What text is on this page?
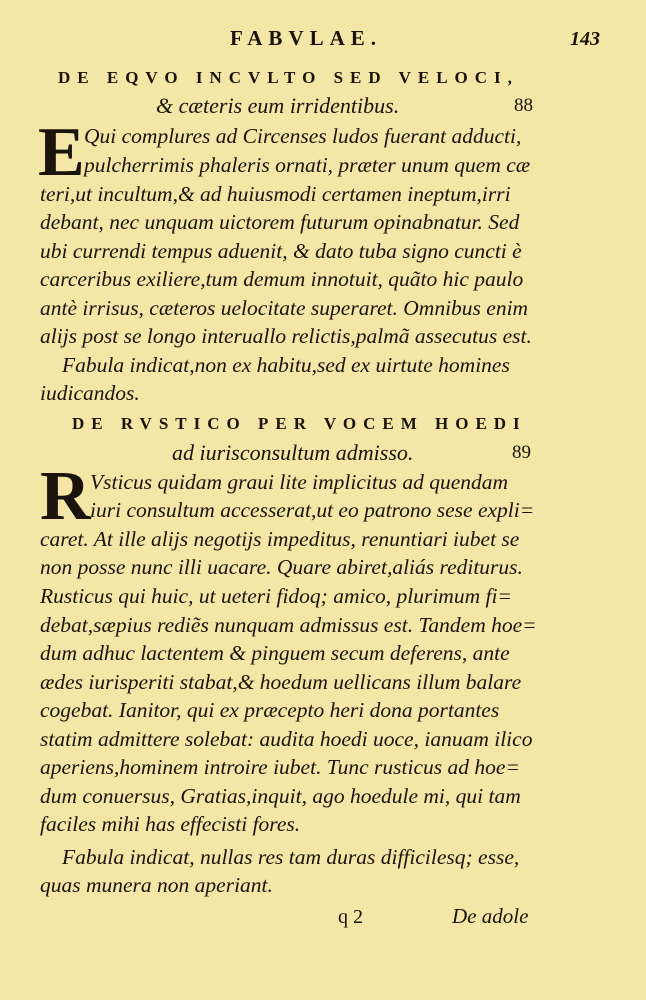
FABVLAE.	143
DE EQVO INCVLTO SED VELOCI,
& cæteris eum irridentibus.	88
E Qui complures ad Circenses ludos fuerant adducti,
pulcherrimis phaleris ornati, præter unum quem cæ
teri,ut incultum,& ad huiusmodi certamen ineptum,irri
debant, nec unquam uictorem futurum opinabnatur. Sed
ubi currendi tempus aduenit, & dato tuba signo cuncti è
carceribus exiliere,tum demum innotuit, quãto hic paulo
antè irrisus, cæteros uelocitate superaret. Omnibus enim
alijs post se longo interuallo relictis,palmã assecutus est.
Fabula indicat,non ex habitu,sed ex uirtute homines
iudicandos.
DE RVSTICO PER VOCEM HOEDI
ad iurisconsultum admisso.	89
R Vsticus quidam graui lite implicitus ad quendam
iuri consultum accesserat,ut eo patrono sese expli=
caret. At ille alijs negotijs impeditus, renuntiari iubet se
non posse nunc illi uacare. Quare abiret,aliás rediturus.
Rusticus qui huic, ut ueteri fidoq; amico, plurimum fi=
debat,sæpius rediẽs nunquam admissus est. Tandem hoe=
dum adhuc lactentem & pinguem secum deferens, ante
ædes iurisperiti stabat,& hoedum uellicans illum balare
cogebat. Ianitor, qui ex præcepto heri dona portantes
statim admittere solebat: audita hoedi uoce, ianuam ilico
aperiens,hominem introire iubet. Tunc rusticus ad hoe=
dum conuersus, Gratias,inquit, ago hoedule mi, qui tam
faciles mihi has effecisti fores.
Fabula indicat, nullas res tam duras difficilesq; esse,
quas munera non aperiant.
q 2	De adole
